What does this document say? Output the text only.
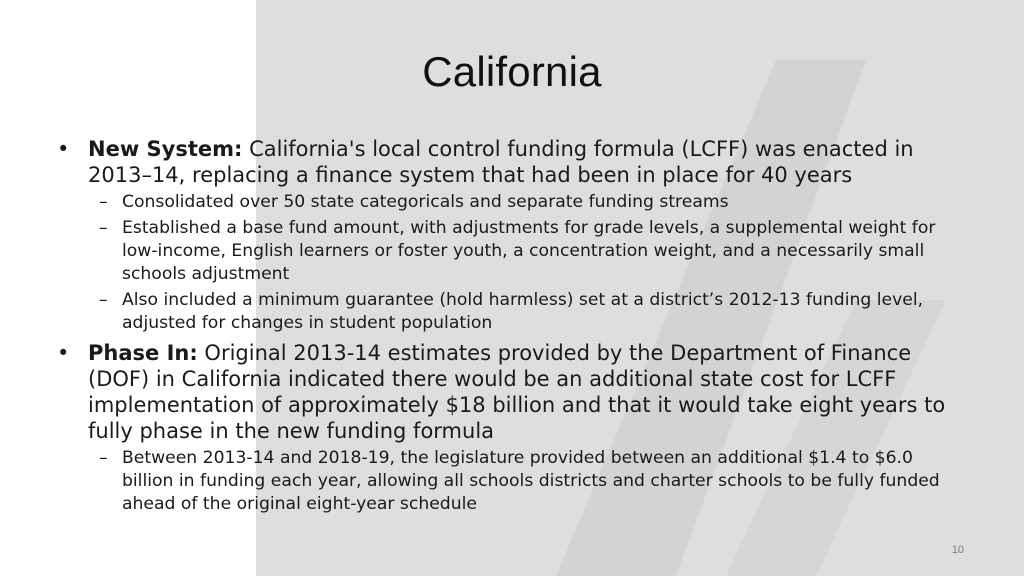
California

• New System: California's local control funding formula (LCFF) was enacted in 2013–14, replacing a finance system that had been in place for 40 years

– Consolidated over 50 state categoricals and separate funding streams

– Established a base fund amount, with adjustments for grade levels, a supplemental weight for low-income, English learners or foster youth, a concentration weight, and a necessarily small schools adjustment

– Also included a minimum guarantee (hold harmless) set at a district’s 2012-13 funding level, adjusted for changes in student population

• Phase In: Original 2013-14 estimates provided by the Department of Finance (DOF) in California indicated there would be an additional state cost for LCFF implementation of approximately $18 billion and that it would take eight years to fully phase in the new funding formula

– Between 2013-14 and 2018-19, the legislature provided between an additional $1.4 to $6.0 billion in funding each year, allowing all schools districts and charter schools to be fully funded ahead of the original eight-year schedule

10
